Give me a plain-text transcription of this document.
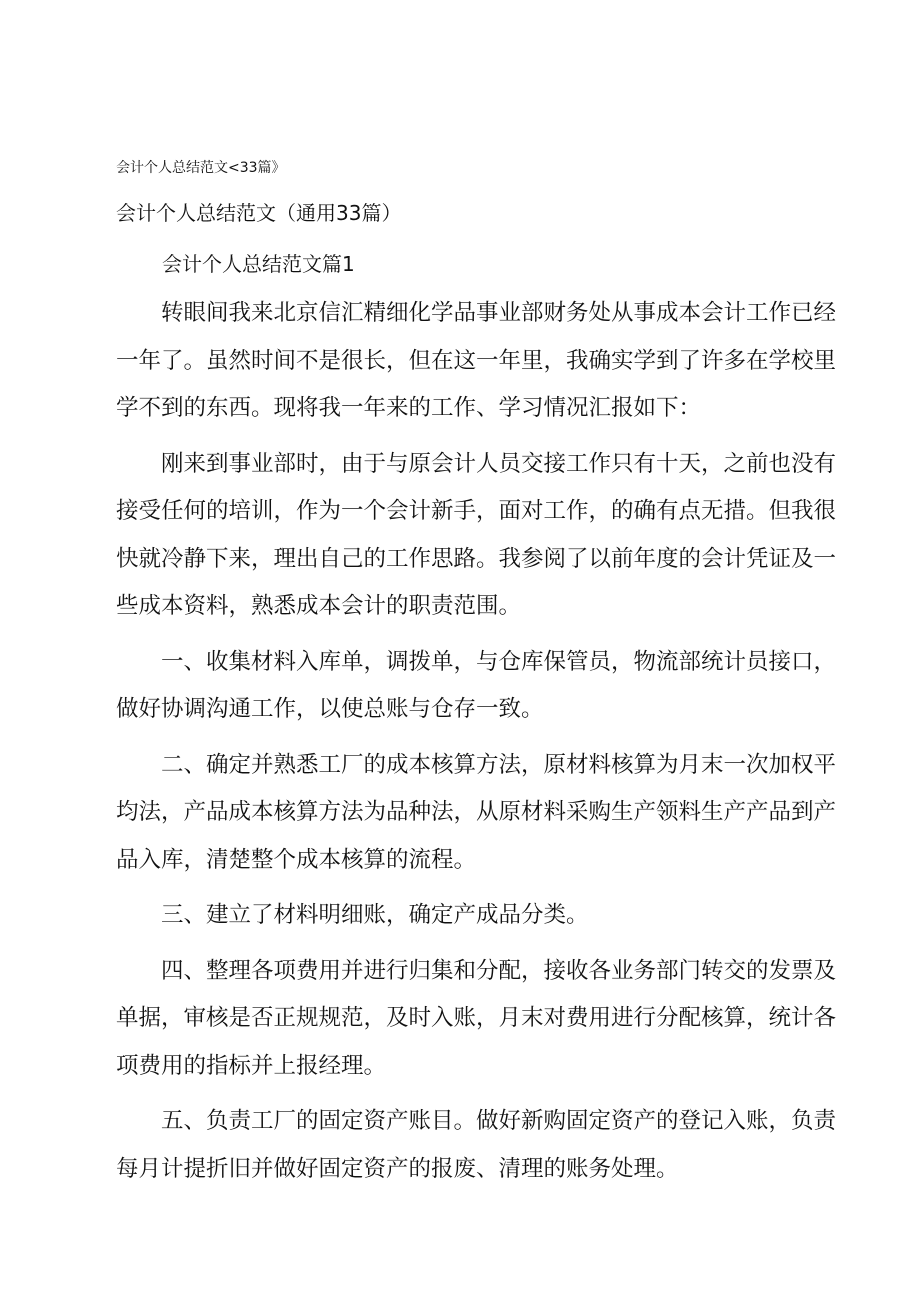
会计个人总结范文<33篇》
会计个人总结范文（通用33篇）
会计个人总结范文篇1

转眼间我来北京信汇精细化学品事业部财务处从事成本会计工作已经一年了。虽然时间不是很长，但在这一年里，我确实学到了许多在学校里学不到的东西。现将我一年来的工作、学习情况汇报如下：

刚来到事业部时，由于与原会计人员交接工作只有十天，之前也没有接受任何的培训，作为一个会计新手，面对工作，的确有点无措。但我很快就冷静下来，理出自己的工作思路。我参阅了以前年度的会计凭证及一些成本资料，熟悉成本会计的职责范围。

一、收集材料入库单，调拨单，与仓库保管员，物流部统计员接口，做好协调沟通工作，以使总账与仓存一致。

二、确定并熟悉工厂的成本核算方法，原材料核算为月末一次加权平均法，产品成本核算方法为品种法，从原材料采购生产领料生产产品到产品入库，清楚整个成本核算的流程。

三、建立了材料明细账，确定产成品分类。

四、整理各项费用并进行归集和分配，接收各业务部门转交的发票及单据，审核是否正规规范，及时入账，月末对费用进行分配核算，统计各项费用的指标并上报经理。

五、负责工厂的固定资产账目。做好新购固定资产的登记入账，负责每月计提折旧并做好固定资产的报废、清理的账务处理。
